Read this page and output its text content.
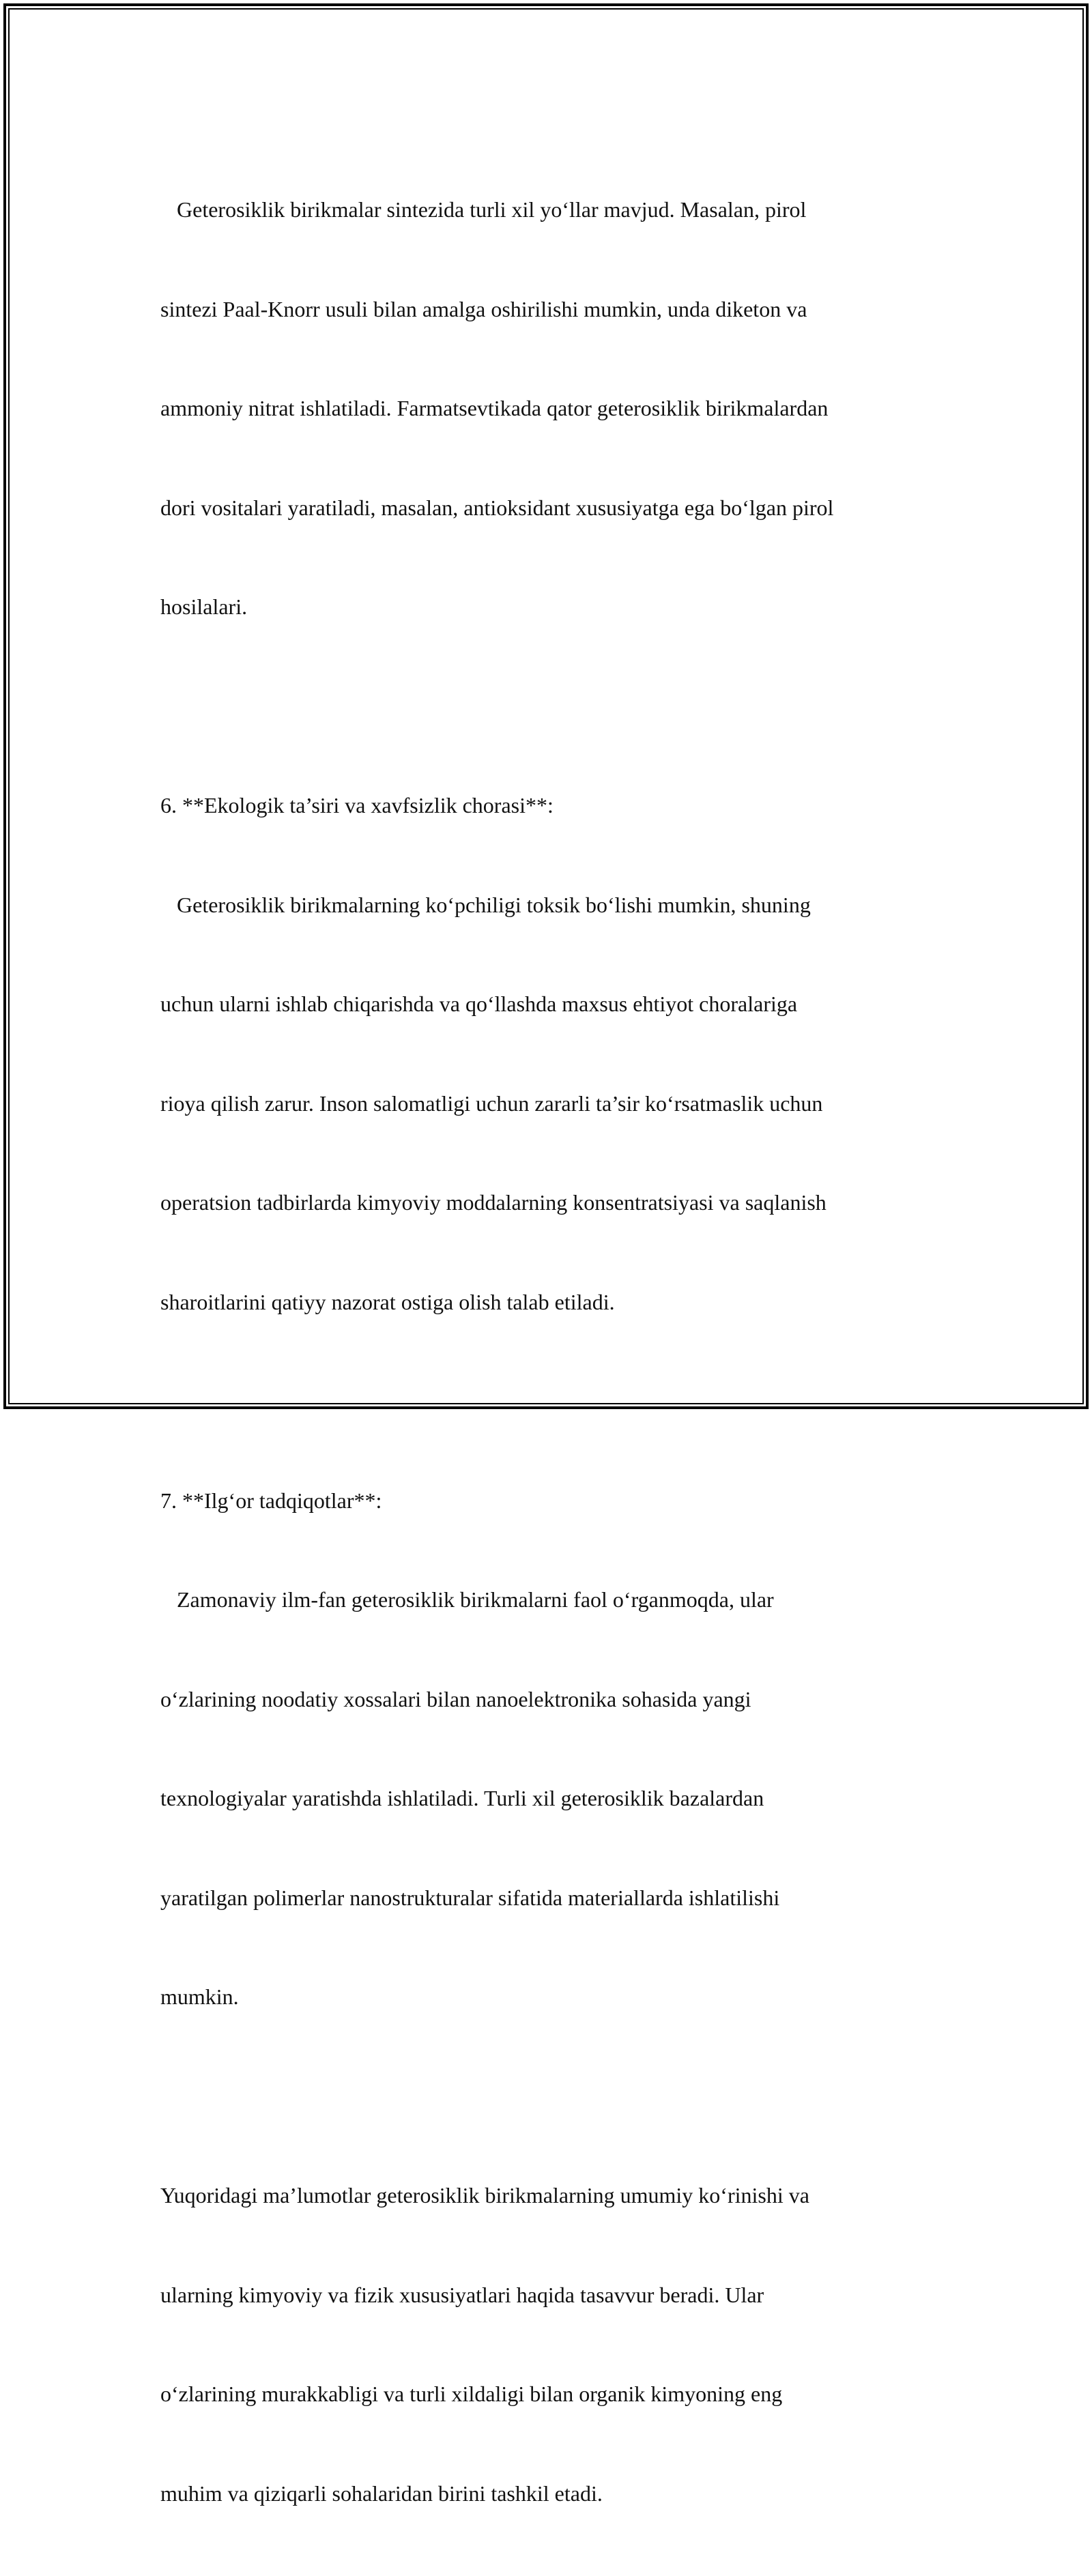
Geterosiklik birikmalar sintezida turli xil yo‘llar mavjud. Masalan, pirol

sintezi Paal-Knorr usuli bilan amalga oshirilishi mumkin, unda diketon va

ammoniy nitrat ishlatiladi. Farmatsevtikada qator geterosiklik birikmalardan

dori vositalari yaratiladi, masalan, antioksidant xususiyatga ega bo‘lgan pirol

hosilalari.

6. **Ekologik ta’siri va xavfsizlik chorasi**:

Geterosiklik birikmalarning ko‘pchiligi toksik bo‘lishi mumkin, shuning

uchun ularni ishlab chiqarishda va qo‘llashda maxsus ehtiyot choralariga

rioya qilish zarur. Inson salomatligi uchun zararli ta’sir ko‘rsatmaslik uchun

operatsion tadbirlarda kimyoviy moddalarning konsentratsiyasi va saqlanish

sharoitlarini qatiyy nazorat ostiga olish talab etiladi.

7. **Ilg‘or tadqiqotlar**:

Zamonaviy ilm-fan geterosiklik birikmalarni faol o‘rganmoqda, ular

o‘zlarining noodatiy xossalari bilan nanoelektronika sohasida yangi

texnologiyalar yaratishda ishlatiladi. Turli xil geterosiklik bazalardan

yaratilgan polimerlar nanostrukturalar sifatida materiallarda ishlatilishi

mumkin.

Yuqoridagi ma’lumotlar geterosiklik birikmalarning umumiy ko‘rinishi va

ularning kimyoviy va fizik xususiyatlari haqida tasavvur beradi. Ular

o‘zlarining murakkabligi va turli xildaligi bilan organik kimyoning eng

muhim va qiziqarli sohalaridan birini tashkil etadi.
